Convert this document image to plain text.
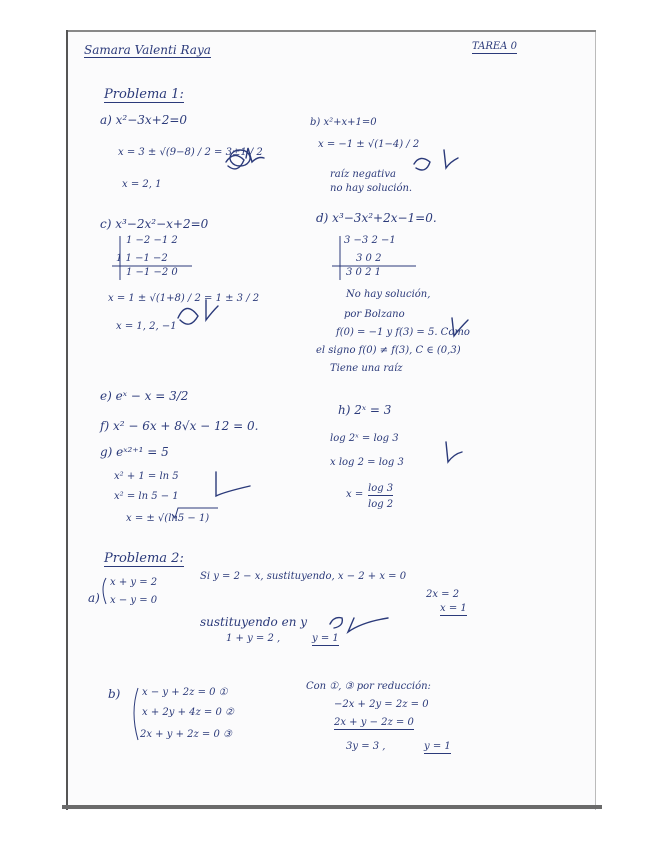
Samara Valenti Raya	TAREA 0
Problema 1:
a) x²−3x+2=0
x = 3 ± √(9−8) / 2 = 3±1 / 2
x = 2, 1
b) x²+x+1=0
x = −1 ± √(1−4) / 2
raíz negativa
no hay solución.
c) x³−2x²−x+2=0
1 −2 −1 2
1 1 −1 −2
1 −1 −2 0
x = 1 ± √(1+8) / 2 = 1 ± 3 / 2
x = 1, 2, −1
d) x³−3x²+2x−1=0.
3 −3 2 −1
3 0 2
3 0 2 1
No hay solución,
por Bolzano
f(0) = −1 y f(3) = 5. Como
el signo f(0) ≠ f(3), C ∈ (0,3)
Tiene una raíz
e) eˣ − x = 3/2
f) x² − 6x + 8√x − 12 = 0.
g) eˣ²⁺¹ = 5
x² + 1 = ln 5
x² = ln 5 − 1
x = ± √(ln5 − 1)
h) 2ˣ = 3
log 2ˣ = log 3
x log 2 = log 3
x =
log 3
log 2
Problema 2:
a)
x + y = 2
x − y = 0
Si y = 2 − x, sustituyendo, x − 2 + x = 0
2x = 2
x = 1
sustituyendo en y
1 + y = 2 ,	y = 1
b) x − y + 2z = 0 ①
x + 2y + 4z = 0 ②
2x + y + 2z = 0 ③
Con ①, ③ por reducción:
−2x + 2y = 2z = 0
2x + y − 2z = 0
3y = 3 ,	y = 1
